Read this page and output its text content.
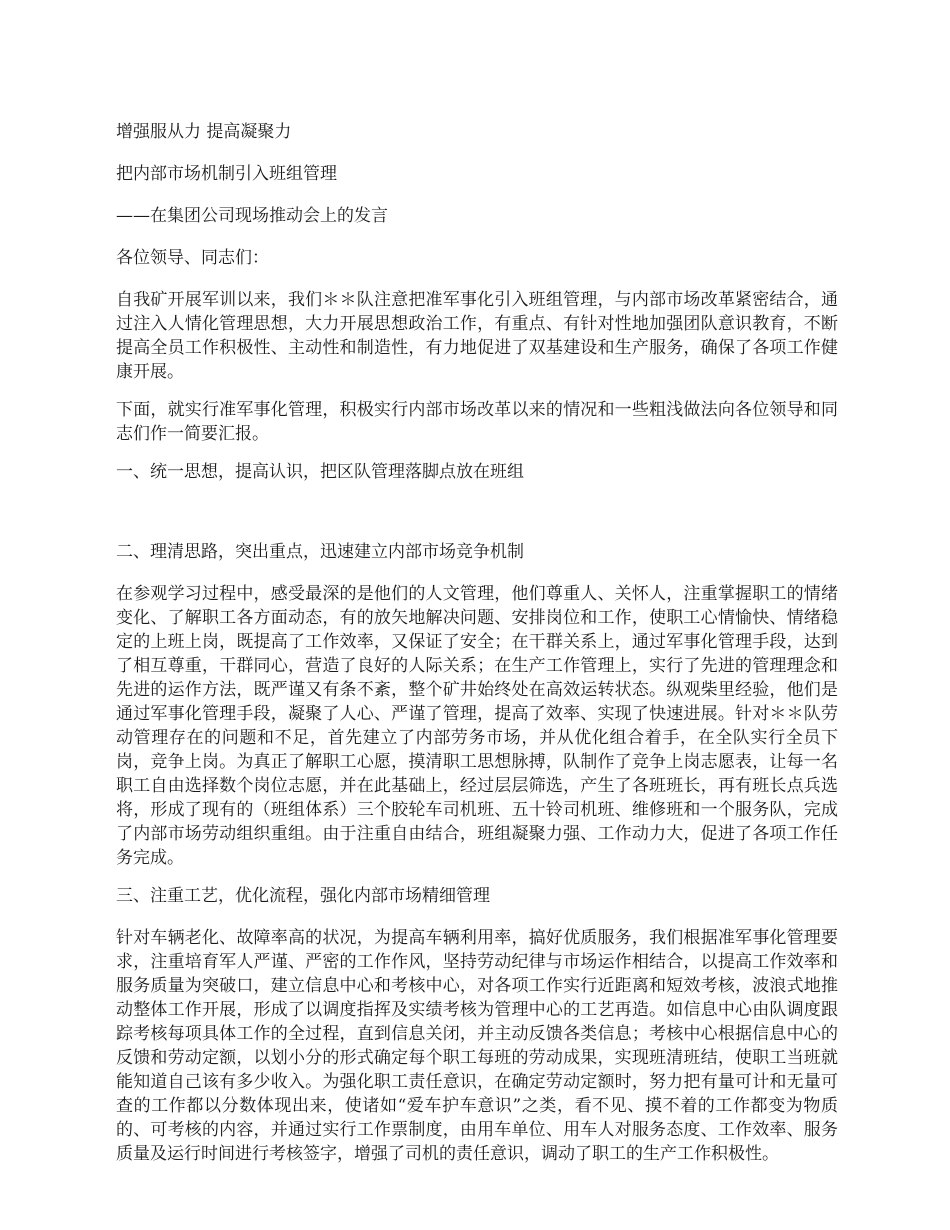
增强服从力 提高凝聚力

把内部市场机制引入班组管理

——在集团公司现场推动会上的发言

各位领导、同志们：

自我矿开展军训以来，我们＊＊队注意把准军事化引入班组管理，与内部市场改革紧密结合，通过注入人情化管理思想，大力开展思想政治工作，有重点、有针对性地加强团队意识教育，不断提高全员工作积极性、主动性和制造性，有力地促进了双基建设和生产服务，确保了各项工作健康开展。

下面，就实行准军事化管理，积极实行内部市场改革以来的情况和一些粗浅做法向各位领导和同志们作一简要汇报。

一、统一思想，提高认识，把区队管理落脚点放在班组

二、理清思路，突出重点，迅速建立内部市场竞争机制

在参观学习过程中，感受最深的是他们的人文管理，他们尊重人、关怀人，注重掌握职工的情绪变化、了解职工各方面动态，有的放矢地解决问题、安排岗位和工作，使职工心情愉快、情绪稳定的上班上岗，既提高了工作效率，又保证了安全；在干群关系上，通过军事化管理手段，达到了相互尊重，干群同心，营造了良好的人际关系；在生产工作管理上，实行了先进的管理理念和先进的运作方法，既严谨又有条不紊，整个矿井始终处在高效运转状态。纵观柴里经验，他们是通过军事化管理手段，凝聚了人心、严谨了管理，提高了效率、实现了快速进展。针对＊＊队劳动管理存在的问题和不足，首先建立了内部劳务市场，并从优化组合着手，在全队实行全员下岗，竞争上岗。为真正了解职工心愿，摸清职工思想脉搏，队制作了竞争上岗志愿表，让每一名职工自由选择数个岗位志愿，并在此基础上，经过层层筛选，产生了各班班长，再有班长点兵选将，形成了现有的（班组体系）三个胶轮车司机班、五十铃司机班、维修班和一个服务队，完成了内部市场劳动组织重组。由于注重自由结合，班组凝聚力强、工作动力大，促进了各项工作任务完成。

三、注重工艺，优化流程，强化内部市场精细管理

针对车辆老化、故障率高的状况，为提高车辆利用率，搞好优质服务，我们根据准军事化管理要求，注重培育军人严谨、严密的工作作风，坚持劳动纪律与市场运作相结合，以提高工作效率和服务质量为突破口，建立信息中心和考核中心，对各项工作实行近距离和短效考核，波浪式地推动整体工作开展，形成了以调度指挥及实绩考核为管理中心的工艺再造。如信息中心由队调度跟踪考核每项具体工作的全过程，直到信息关闭，并主动反馈各类信息；考核中心根据信息中心的反馈和劳动定额，以划小分的形式确定每个职工每班的劳动成果，实现班清班结，使职工当班就能知道自己该有多少收入。为强化职工责任意识，在确定劳动定额时，努力把有量可计和无量可查的工作都以分数体现出来，使诸如“爱车护车意识”之类，看不见、摸不着的工作都变为物质的、可考核的内容，并通过实行工作票制度，由用车单位、用车人对服务态度、工作效率、服务质量及运行时间进行考核签字，增强了司机的责任意识，调动了职工的生产工作积极性。
